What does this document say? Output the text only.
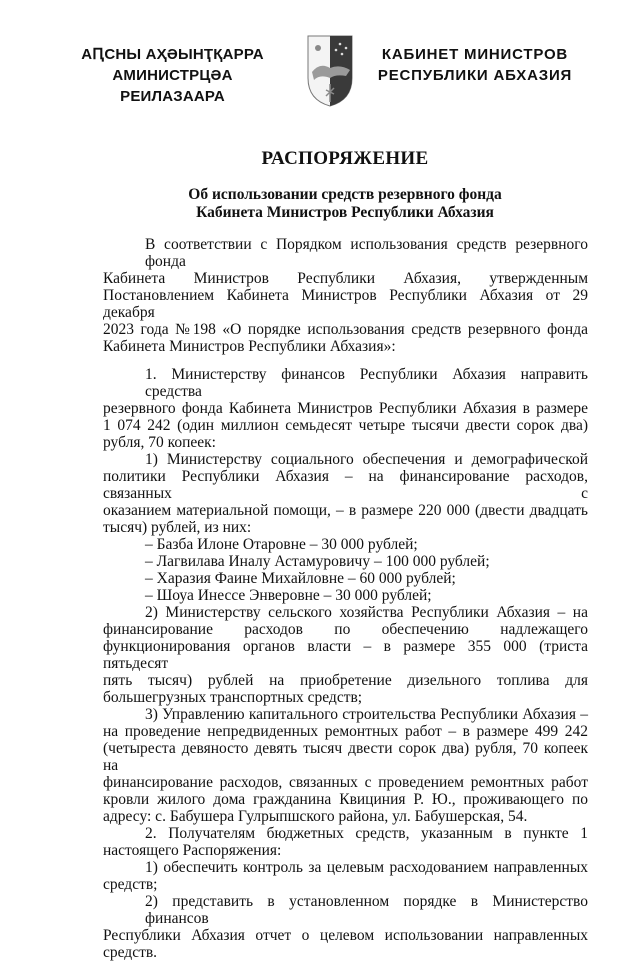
АԤСНЫ АҲӘЫНҬҚАРРА
АМИНИСТРЦӘА РЕИЛАЗААРА
КАБИНЕТ МИНИСТРОВ
РЕСПУБЛИКИ АБХАЗИЯ
РАСПОРЯЖЕНИЕ
Об использовании средств резервного фонда
Кабинета Министров Республики Абхазия
В соответствии с Порядком использования средств резервного фонда
Кабинета Министров Республики Абхазия, утвержденным
Постановлением Кабинета Министров Республики Абхазия от 29 декабря
2023 года №198 «О порядке использования средств резервного фонда
Кабинета Министров Республики Абхазия»:
1. Министерству финансов Республики Абхазия направить средства
резервного фонда Кабинета Министров Республики Абхазия в размере
1 074 242 (один миллион семьдесят четыре тысячи двести сорок два)
рубля, 70 копеек:
1) Министерству социального обеспечения и демографической
политики Республики Абхазия – на финансирование расходов, связанных с
оказанием материальной помощи, – в размере 220 000 (двести двадцать
тысяч) рублей, из них:
– Базба Илоне Отаровне – 30 000 рублей;
– Лагвилава Иналу Астамуровичу – 100 000 рублей;
– Харазия Фаине Михайловне – 60 000 рублей;
– Шоуа Инессе Энверовне – 30 000 рублей;
2) Министерству сельского хозяйства Республики Абхазия – на
финансирование расходов по обеспечению надлежащего
функционирования органов власти – в размере 355 000 (триста пятьдесят
пять тысяч) рублей на приобретение дизельного топлива для
большегрузных транспортных средств;
3) Управлению капитального строительства Республики Абхазия –
на проведение непредвиденных ремонтных работ – в размере 499 242
(четыреста девяносто девять тысяч двести сорок два) рубля, 70 копеек на
финансирование расходов, связанных с проведением ремонтных работ
кровли жилого дома гражданина Квициния Р. Ю., проживающего по
адресу: с. Бабушера Гулрыпшского района, ул. Бабушерская, 54.
2. Получателям бюджетных средств, указанным в пункте 1
настоящего Распоряжения:
1) обеспечить контроль за целевым расходованием направленных
средств;
2) представить в установленном порядке в Министерство финансов
Республики Абхазия отчет о целевом использовании направленных
средств.
